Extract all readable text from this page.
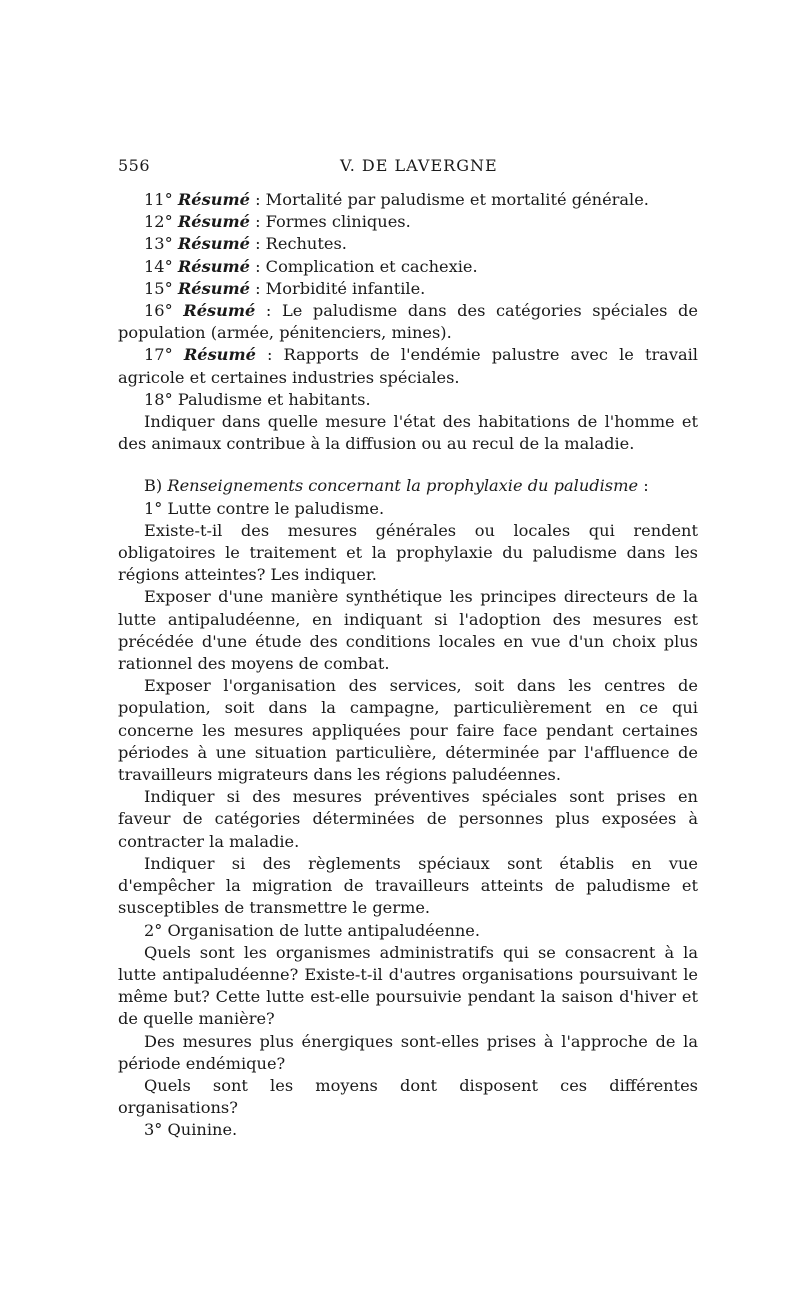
556	V. DE LAVERGNE

11° Résumé : Mortalité par paludisme et mortalité générale.

12° Résumé : Formes cliniques.

13° Résumé : Rechutes.

14° Résumé : Complication et cachexie.

15° Résumé : Morbidité infantile.

16° Résumé : Le paludisme dans des catégories spéciales de population (armée, pénitenciers, mines).

17° Résumé : Rapports de l'endémie palustre avec le travail agricole et certaines industries spéciales.

18° Paludisme et habitants.

Indiquer dans quelle mesure l'état des habitations de l'homme et des animaux contribue à la diffusion ou au recul de la maladie.

B) Renseignements concernant la prophylaxie du paludisme :

1° Lutte contre le paludisme.

Existe-t-il des mesures générales ou locales qui rendent obligatoires le traitement et la prophylaxie du paludisme dans les régions atteintes? Les indiquer.

Exposer d'une manière synthétique les principes directeurs de la lutte antipaludéenne, en indiquant si l'adoption des mesures est précédée d'une étude des conditions locales en vue d'un choix plus rationnel des moyens de combat.

Exposer l'organisation des services, soit dans les centres de population, soit dans la campagne, particulièrement en ce qui concerne les mesures appliquées pour faire face pendant certaines périodes à une situation particulière, déterminée par l'affluence de travailleurs migrateurs dans les régions paludéennes.

Indiquer si des mesures préventives spéciales sont prises en faveur de catégories déterminées de personnes plus exposées à contracter la maladie.

Indiquer si des règlements spéciaux sont établis en vue d'empêcher la migration de travailleurs atteints de paludisme et susceptibles de transmettre le germe.

2° Organisation de lutte antipaludéenne.

Quels sont les organismes administratifs qui se consacrent à la lutte antipaludéenne? Existe-t-il d'autres organisations poursuivant le même but? Cette lutte est-elle poursuivie pendant la saison d'hiver et de quelle manière?

Des mesures plus énergiques sont-elles prises à l'approche de la période endémique?

Quels sont les moyens dont disposent ces différentes organisations?

3° Quinine.
